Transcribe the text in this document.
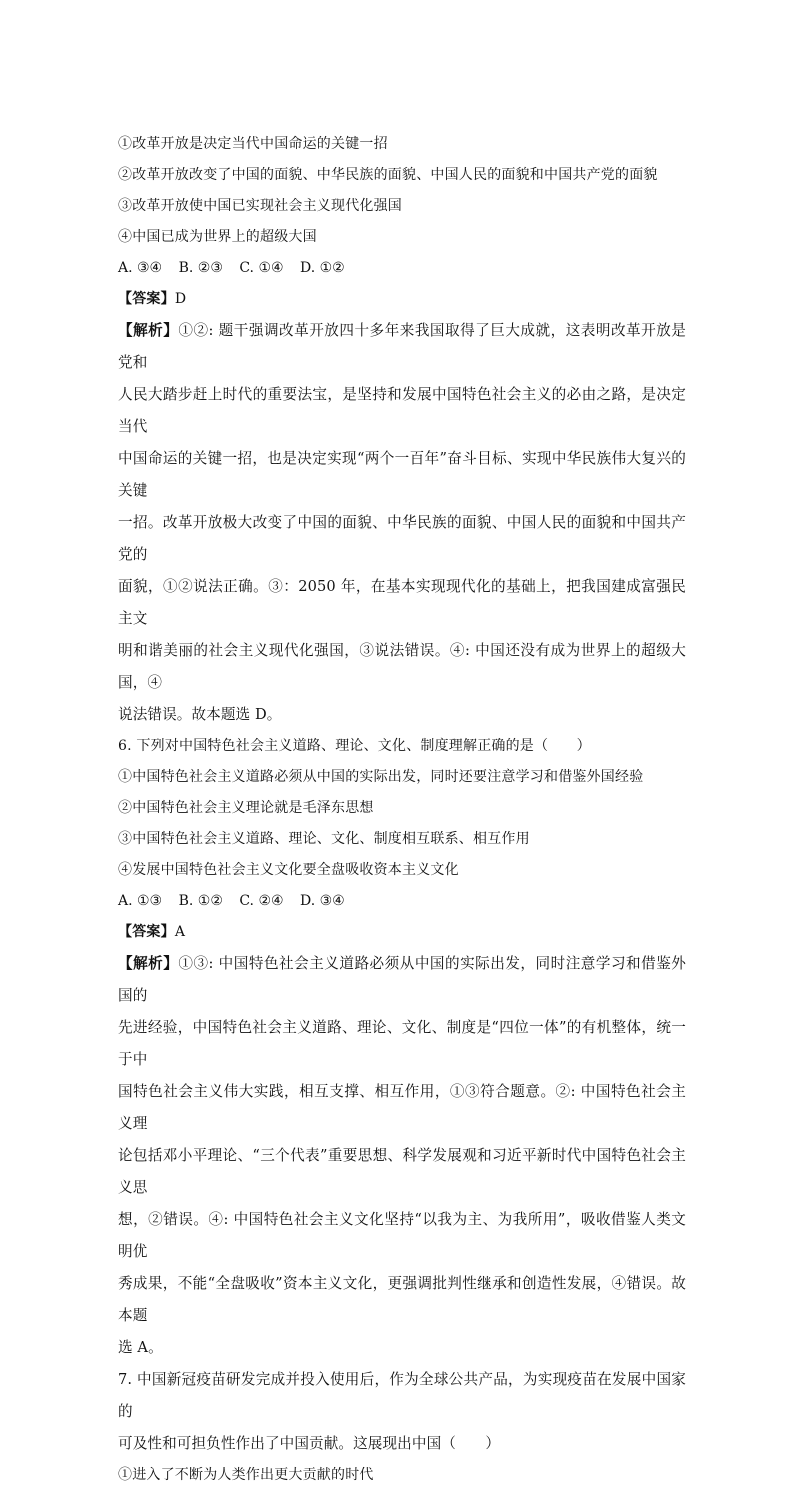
①改革开放是决定当代中国命运的关键一招
②改革开放改变了中国的面貌、中华民族的面貌、中国人民的面貌和中国共产党的面貌
③改革开放使中国已实现社会主义现代化强国
④中国已成为世界上的超级大国
A. ③④ B. ②③ C. ①④ D. ①②
【答案】D
【解析】①②: 题干强调改革开放四十多年来我国取得了巨大成就，这表明改革开放是党和
人民大踏步赶上时代的重要法宝，是坚持和发展中国特色社会主义的必由之路，是决定当代
中国命运的关键一招，也是决定实现“两个一百年”奋斗目标、实现中华民族伟大复兴的关键
一招。改革开放极大改变了中国的面貌、中华民族的面貌、中国人民的面貌和中国共产党的
面貌，①②说法正确。③：2050 年，在基本实现现代化的基础上，把我国建成富强民主文
明和谐美丽的社会主义现代化强国，③说法错误。④: 中国还没有成为世界上的超级大国，④
说法错误。故本题选 D。
6. 下列对中国特色社会主义道路、理论、文化、制度理解正确的是（　　）
①中国特色社会主义道路必须从中国的实际出发，同时还要注意学习和借鉴外国经验
②中国特色社会主义理论就是毛泽东思想
③中国特色社会主义道路、理论、文化、制度相互联系、相互作用
④发展中国特色社会主义文化要全盘吸收资本主义文化
A. ①③ B. ①② C. ②④ D. ③④
【答案】A
【解析】①③: 中国特色社会主义道路必须从中国的实际出发，同时注意学习和借鉴外国的
先进经验，中国特色社会主义道路、理论、文化、制度是“四位一体”的有机整体，统一于中
国特色社会主义伟大实践，相互支撑、相互作用，①③符合题意。②: 中国特色社会主义理
论包括邓小平理论、“三个代表”重要思想、科学发展观和习近平新时代中国特色社会主义思
想，②错误。④: 中国特色社会主义文化坚持“以我为主、为我所用”，吸收借鉴人类文明优
秀成果，不能“全盘吸收”资本主义文化，更强调批判性继承和创造性发展，④错误。故本题
选 A。
7. 中国新冠疫苗研发完成并投入使用后，作为全球公共产品，为实现疫苗在发展中国家的
可及性和可担负性作出了中国贡献。这展现出中国（　　）
①进入了不断为人类作出更大贡献的时代
